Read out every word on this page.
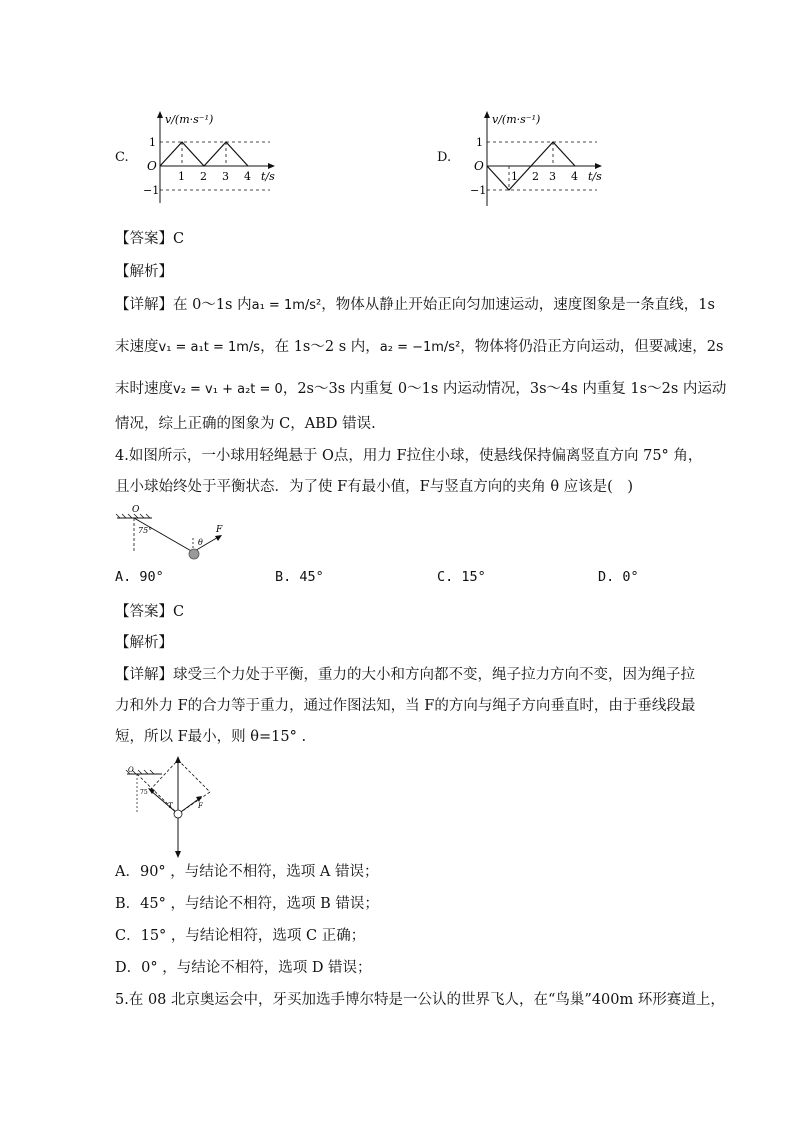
C.
v/(m·s⁻¹)
O
1
−1
1 2 3 4 t/s
D.
v/(m·s⁻¹)
O
1
−1
1 2 3 4 t/s
【答案】C
【解析】
【详解】在 0～1s 内a₁ = 1m/s²，物体从静止开始正向匀加速运动，速度图象是一条直线，1s
末速度v₁ = a₁t = 1m/s，在 1s～2 s 内，a₂ = −1m/s²，物体将仍沿正方向运动，但要减速，2s
末时速度v₂ = v₁ + a₂t = 0，2s～3s 内重复 0～1s 内运动情况，3s～4s 内重复 1s～2s 内运动
情况，综上正确的图象为 C，ABD 错误.
4.如图所示，一小球用轻绳悬于 O点，用力 F拉住小球，使悬线保持偏离竖直方向 75° 角，
且小球始终处于平衡状态．为了使 F有最小值，F与竖直方向的夹角 θ 应该是(　)
O
75°
θ
F
A. 90°	B. 45°	C. 15°	D. 0°
【答案】C
【解析】
【详解】球受三个力处于平衡，重力的大小和方向都不变，绳子拉力方向不变，因为绳子拉
力和外力 F的合力等于重力，通过作图法知，当 F的方向与绳子方向垂直时，由于垂线段最
短，所以 F最小，则 θ=15° .
O
75
F
T
A．90° ，与结论不相符，选项 A 错误；
B．45° ，与结论不相符，选项 B 错误；
C．15° ，与结论相符，选项 C 正确；
D．0° ，与结论不相符，选项 D 错误；
5.在 08 北京奥运会中，牙买加选手博尔特是一公认的世界飞人，在“鸟巢”400m 环形赛道上，
